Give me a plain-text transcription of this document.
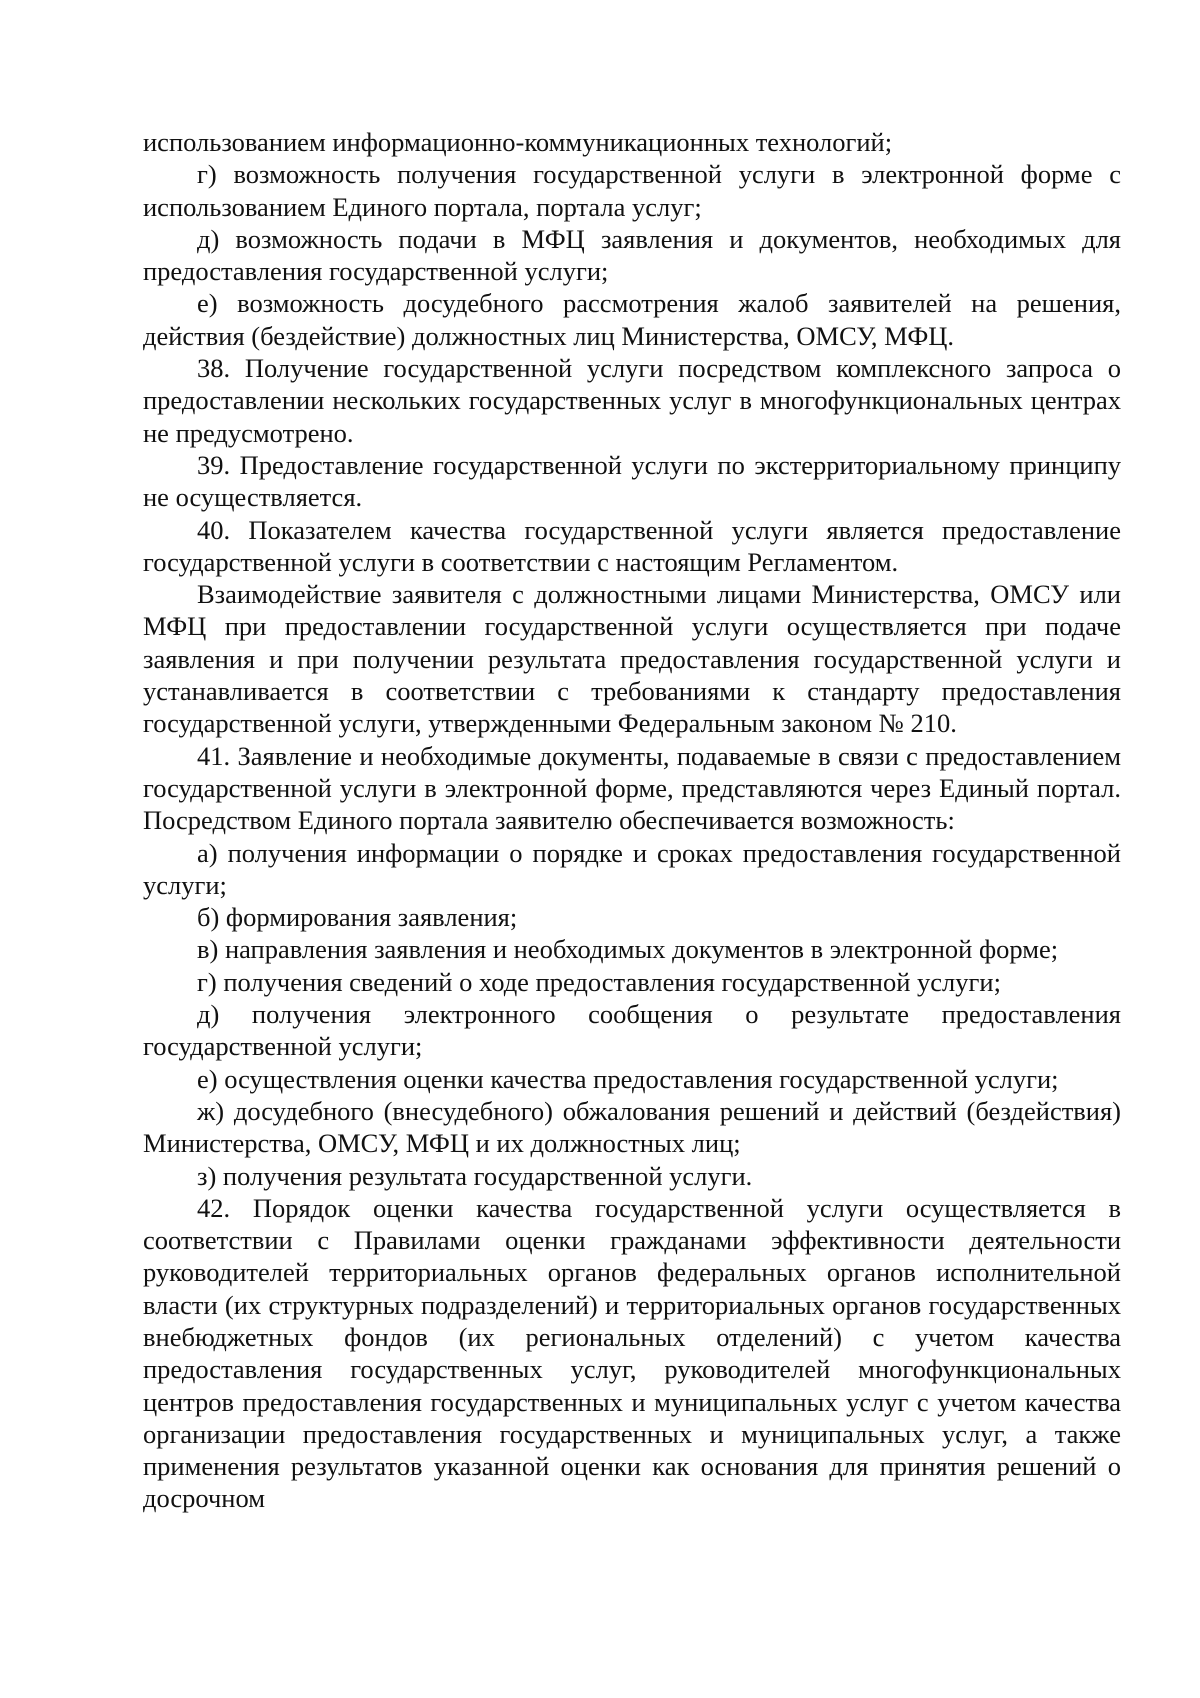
использованием информационно-коммуникационных технологий;

г) возможность получения государственной услуги в электронной форме с использованием Единого портала, портала услуг;

д) возможность подачи в МФЦ заявления и документов, необходимых для предоставления государственной услуги;

е) возможность досудебного рассмотрения жалоб заявителей на решения, действия (бездействие) должностных лиц Министерства, ОМСУ, МФЦ.

38. Получение государственной услуги посредством комплексного запроса о предоставлении нескольких государственных услуг в многофункциональных центрах не предусмотрено.

39. Предоставление государственной услуги по экстерриториальному принципу не осуществляется.

40. Показателем качества государственной услуги является предоставление государственной услуги в соответствии с настоящим Регламентом.

Взаимодействие заявителя с должностными лицами Министерства, ОМСУ или МФЦ при предоставлении государственной услуги осуществляется при подаче заявления и при получении результата предоставления государственной услуги и устанавливается в соответствии с требованиями к стандарту предоставления государственной услуги, утвержденными Федеральным законом № 210.

41. Заявление и необходимые документы, подаваемые в связи с предоставлением государственной услуги в электронной форме, представляются через Единый портал. Посредством Единого портала заявителю обеспечивается возможность:

а) получения информации о порядке и сроках предоставления государственной услуги;

б) формирования заявления;

в) направления заявления и необходимых документов в электронной форме;

г) получения сведений о ходе предоставления государственной услуги;

д) получения электронного сообщения о результате предоставления государственной услуги;

е) осуществления оценки качества предоставления государственной услуги;

ж) досудебного (внесудебного) обжалования решений и действий (бездействия) Министерства, ОМСУ, МФЦ и их должностных лиц;

з) получения результата государственной услуги.

42. Порядок оценки качества государственной услуги осуществляется в соответствии с Правилами оценки гражданами эффективности деятельности руководителей территориальных органов федеральных органов исполнительной власти (их структурных подразделений) и территориальных органов государственных внебюджетных фондов (их региональных отделений) с учетом качества предоставления государственных услуг, руководителей многофункциональных центров предоставления государственных и муниципальных услуг с учетом качества организации предоставления государственных и муниципальных услуг, а также применения результатов указанной оценки как основания для принятия решений о досрочном
